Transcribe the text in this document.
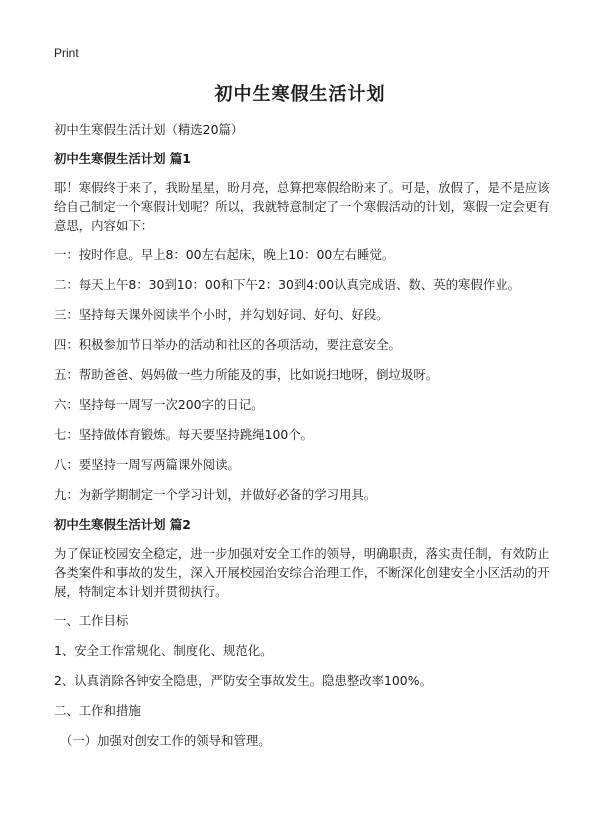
Print
初中生寒假生活计划
初中生寒假生活计划（精选20篇）
初中生寒假生活计划 篇1
耶！寒假终于来了，我盼星星，盼月亮，总算把寒假给盼来了。可是，放假了，是不是应该给自己制定一个寒假计划呢？所以，我就特意制定了一个寒假活动的计划，寒假一定会更有意思，内容如下：
一：按时作息。早上8：00左右起床，晚上10：00左右睡觉。
二：每天上午8：30到10：00和下午2：30到4:00认真完成语、数、英的寒假作业。
三：坚持每天课外阅读半个小时，并勾划好词、好句、好段。
四：积极参加节日举办的活动和社区的各项活动，要注意安全。
五：帮助爸爸、妈妈做一些力所能及的事，比如说扫地呀，倒垃圾呀。
六：坚持每一周写一次200字的日记。
七：坚持做体育锻炼。每天要坚持跳绳100个。
八：要坚持一周写两篇课外阅读。
九：为新学期制定一个学习计划，并做好必备的学习用具。
初中生寒假生活计划 篇2
为了保证校园安全稳定，进一步加强对安全工作的领导，明确职责，落实责任制，有效防止各类案件和事故的发生，深入开展校园治安综合治理工作，不断深化创建安全小区活动的开展，特制定本计划并贯彻执行。
一、工作目标
1、安全工作常规化、制度化、规范化。
2、认真消除各钟安全隐患，严防安全事故发生。隐患整改率100%。
二、工作和措施
（一）加强对创安工作的领导和管理。
